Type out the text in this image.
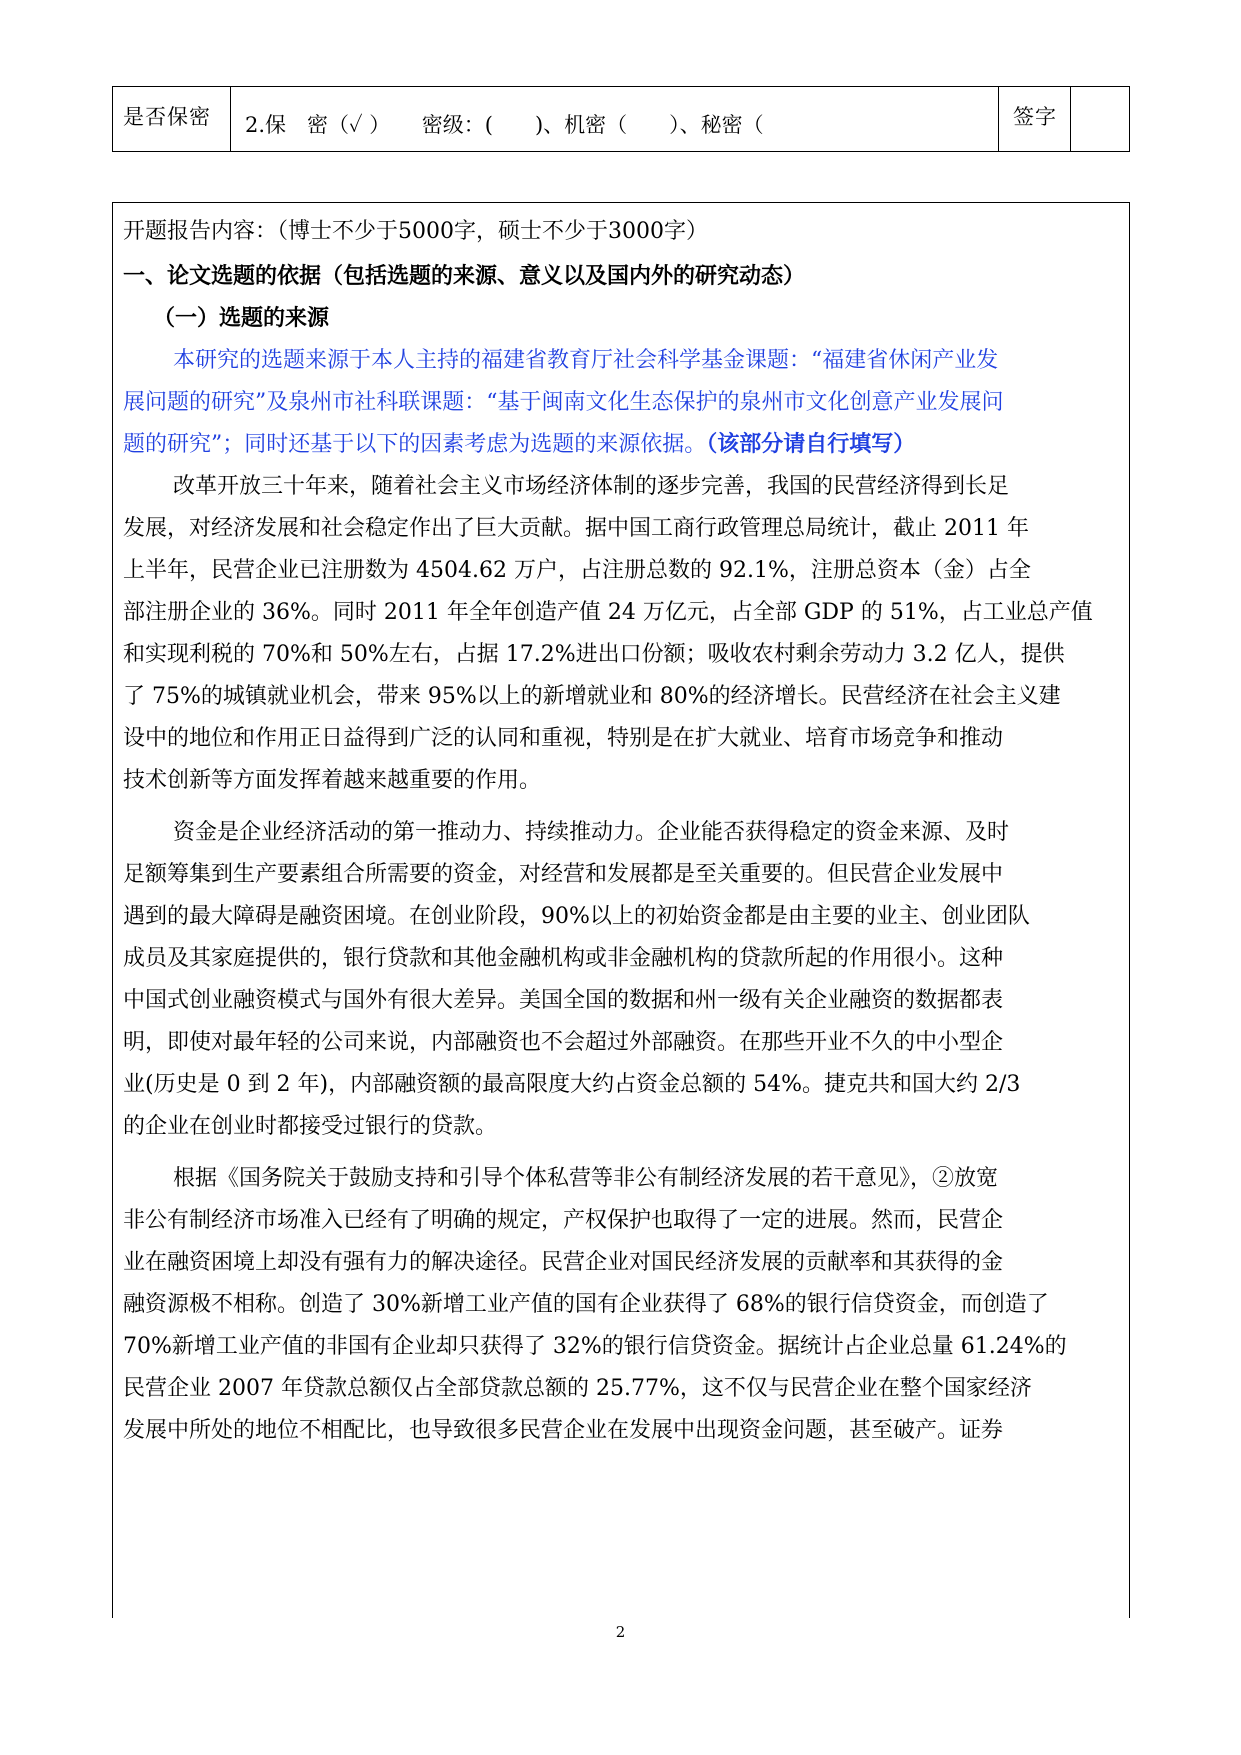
是否保密 2.保　密（✓ ）　　密级：(　　)、机密（　　）、秘密（	签字
开题报告内容：（博士不少于5000字，硕士不少于3000字）
一、论文选题的依据（包括选题的来源、意义以及国内外的研究动态）
（一）选题的来源
本研究的选题来源于本人主持的福建省教育厅社会科学基金课题：“福建省休闲产业发
展问题的研究”及泉州市社科联课题：“基于闽南文化生态保护的泉州市文化创意产业发展问
题的研究”；同时还基于以下的因素考虑为选题的来源依据。（该部分请自行填写）
改革开放三十年来，随着社会主义市场经济体制的逐步完善，我国的民营经济得到长足
发展，对经济发展和社会稳定作出了巨大贡献。据中国工商行政管理总局统计，截止 2011 年
上半年，民营企业已注册数为 4504.62 万户，占注册总数的 92.1%，注册总资本（金）占全
部注册企业的 36%。同时 2011 年全年创造产值 24 万亿元，占全部 GDP 的 51%，占工业总产值
和实现利税的 70%和 50%左右，占据 17.2%进出口份额；吸收农村剩余劳动力 3.2 亿人，提供
了 75%的城镇就业机会，带来 95%以上的新增就业和 80%的经济增长。民营经济在社会主义建
设中的地位和作用正日益得到广泛的认同和重视，特别是在扩大就业、培育市场竞争和推动
技术创新等方面发挥着越来越重要的作用。
资金是企业经济活动的第一推动力、持续推动力。企业能否获得稳定的资金来源、及时
足额筹集到生产要素组合所需要的资金，对经营和发展都是至关重要的。但民营企业发展中
遇到的最大障碍是融资困境。在创业阶段，90%以上的初始资金都是由主要的业主、创业团队
成员及其家庭提供的，银行贷款和其他金融机构或非金融机构的贷款所起的作用很小。这种
中国式创业融资模式与国外有很大差异。美国全国的数据和州一级有关企业融资的数据都表
明，即使对最年轻的公司来说，内部融资也不会超过外部融资。在那些开业不久的中小型企
业(历史是 0 到 2 年)，内部融资额的最高限度大约占资金总额的 54%。捷克共和国大约 2/3
的企业在创业时都接受过银行的贷款。
根据《国务院关于鼓励支持和引导个体私营等非公有制经济发展的若干意见》，②放宽
非公有制经济市场准入已经有了明确的规定，产权保护也取得了一定的进展。然而，民营企
业在融资困境上却没有强有力的解决途径。民营企业对国民经济发展的贡献率和其获得的金
融资源极不相称。创造了 30%新增工业产值的国有企业获得了 68%的银行信贷资金，而创造了
70%新增工业产值的非国有企业却只获得了 32%的银行信贷资金。据统计占企业总量 61.24%的
民营企业 2007 年贷款总额仅占全部贷款总额的 25.77%，这不仅与民营企业在整个国家经济
发展中所处的地位不相配比，也导致很多民营企业在发展中出现资金问题，甚至破产。证券
2
